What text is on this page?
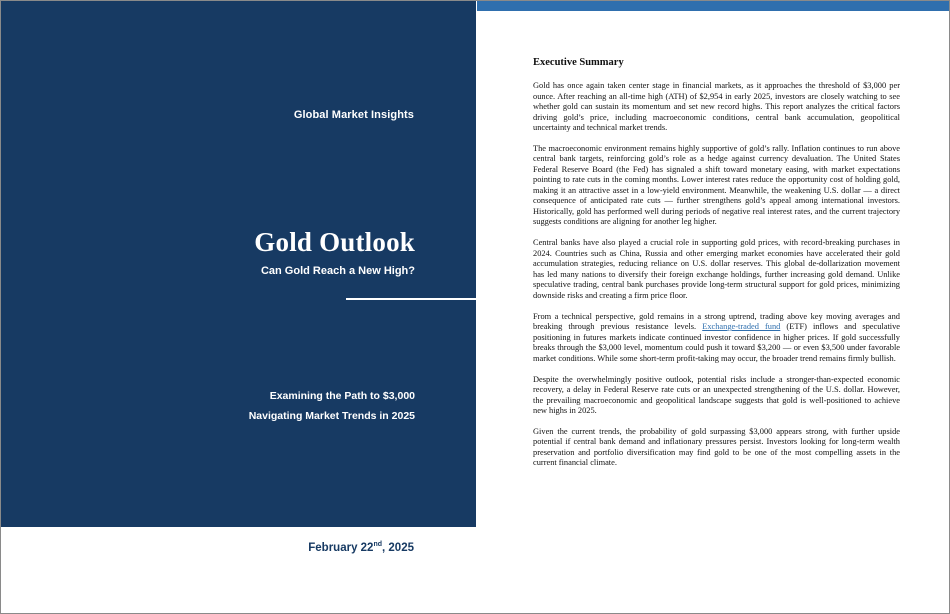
Global Market Insights
Gold Outlook
Can Gold Reach a New High?
Examining the Path to $3,000
Navigating Market Trends in 2025
February 22nd, 2025
Executive Summary

Gold has once again taken center stage in financial markets, as it approaches the threshold of $3,000 per ounce. After reaching an all-time high (ATH) of $2,954 in early 2025, investors are closely watching to see whether gold can sustain its momentum and set new record highs. This report analyzes the critical factors driving gold’s price, including macroeconomic conditions, central bank accumulation, geopolitical uncertainty and technical market trends.

The macroeconomic environment remains highly supportive of gold’s rally. Inflation continues to run above central bank targets, reinforcing gold’s role as a hedge against currency devaluation. The United States Federal Reserve Board (the Fed) has signaled a shift toward monetary easing, with market expectations pointing to rate cuts in the coming months. Lower interest rates reduce the opportunity cost of holding gold, making it an attractive asset in a low-yield environment. Meanwhile, the weakening U.S. dollar — a direct consequence of anticipated rate cuts — further strengthens gold’s appeal among international investors. Historically, gold has performed well during periods of negative real interest rates, and the current trajectory suggests conditions are aligning for another leg higher.

Central banks have also played a crucial role in supporting gold prices, with record-breaking purchases in 2024. Countries such as China, Russia and other emerging market economies have accelerated their gold accumulation strategies, reducing reliance on U.S. dollar reserves. This global de-dollarization movement has led many nations to diversify their foreign exchange holdings, further increasing gold demand. Unlike speculative trading, central bank purchases provide long-term structural support for gold prices, minimizing downside risks and creating a firm price floor.

From a technical perspective, gold remains in a strong uptrend, trading above key moving averages and breaking through previous resistance levels. Exchange-traded fund (ETF) inflows and speculative positioning in futures markets indicate continued investor confidence in higher prices. If gold successfully breaks through the $3,000 level, momentum could push it toward $3,200 — or even $3,500 under favorable market conditions. While some short-term profit-taking may occur, the broader trend remains firmly bullish.

Despite the overwhelmingly positive outlook, potential risks include a stronger-than-expected economic recovery, a delay in Federal Reserve rate cuts or an unexpected strengthening of the U.S. dollar. However, the prevailing macroeconomic and geopolitical landscape suggests that gold is well-positioned to achieve new highs in 2025.

Given the current trends, the probability of gold surpassing $3,000 appears strong, with further upside potential if central bank demand and inflationary pressures persist. Investors looking for long-term wealth preservation and portfolio diversification may find gold to be one of the most compelling assets in the current financial climate.
